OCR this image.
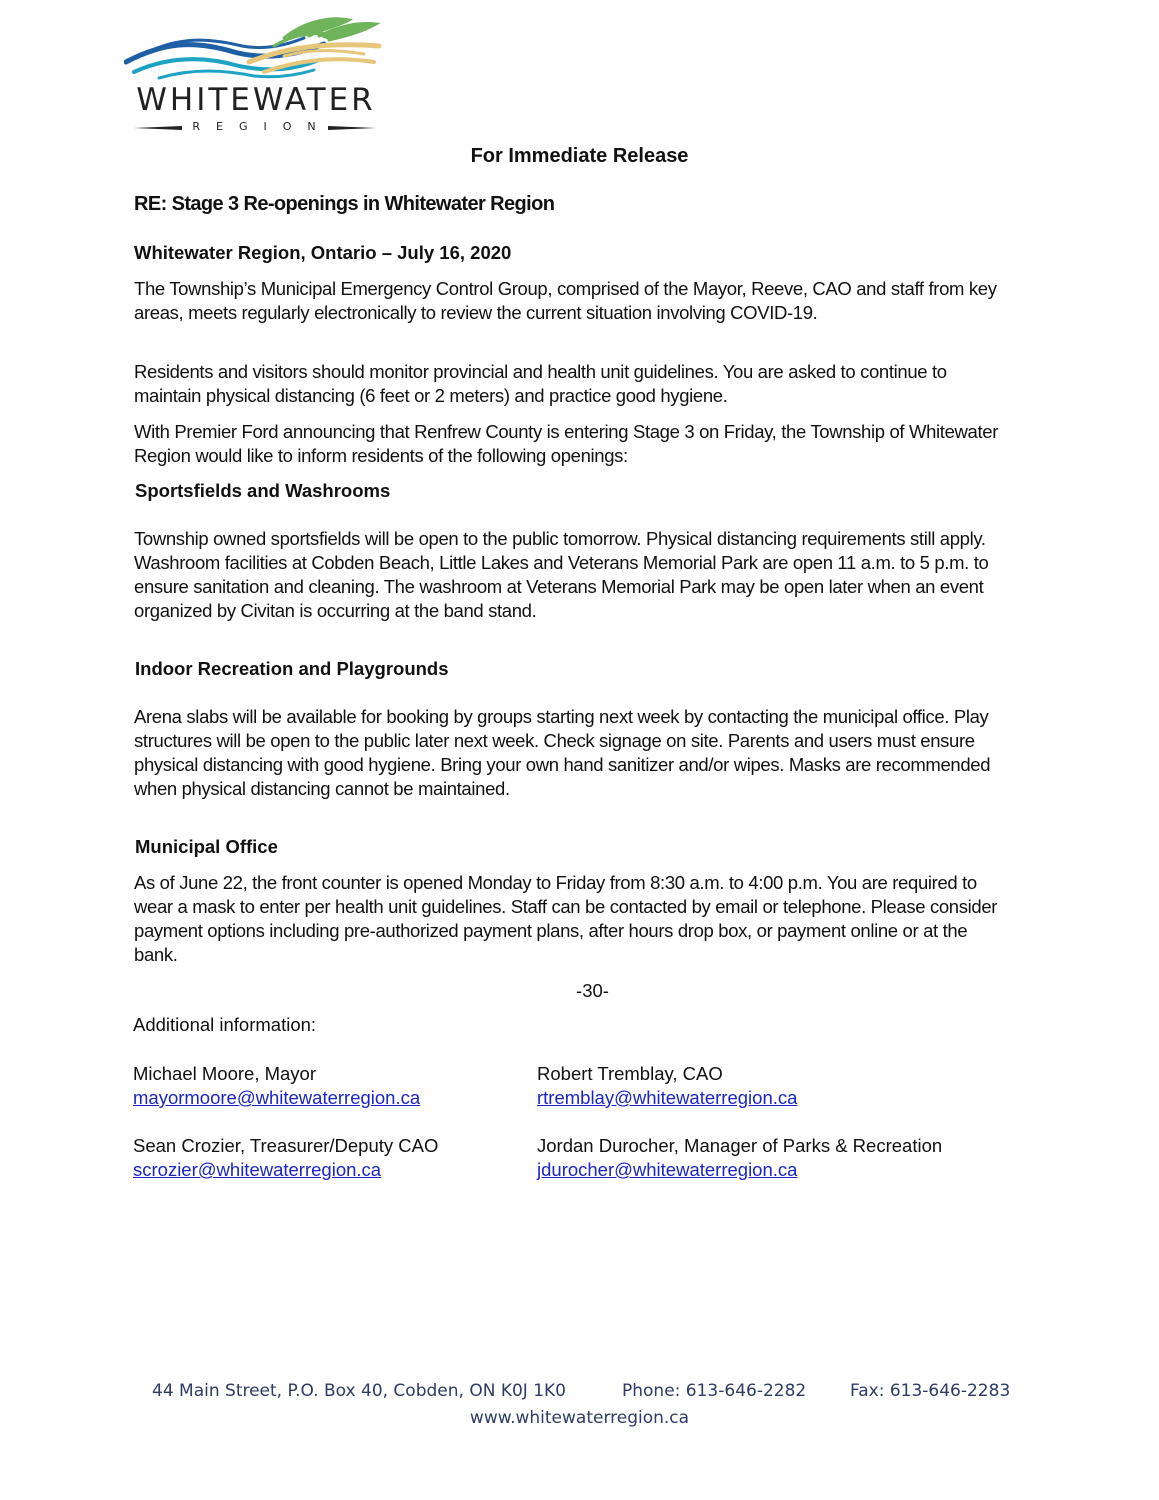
WHITEWATER
REGION
For Immediate Release
RE: Stage 3 Re-openings in Whitewater Region
Whitewater Region, Ontario – July 16, 2020
The Township’s Municipal Emergency Control Group, comprised of the Mayor, Reeve, CAO and staff from key areas, meets regularly electronically to review the current situation involving COVID-19.
Residents and visitors should monitor provincial and health unit guidelines. You are asked to continue to maintain physical distancing (6 feet or 2 meters) and practice good hygiene.
With Premier Ford announcing that Renfrew County is entering Stage 3 on Friday, the Township of Whitewater Region would like to inform residents of the following openings:
Sportsfields and Washrooms
Township owned sportsfields will be open to the public tomorrow. Physical distancing requirements still apply. Washroom facilities at Cobden Beach, Little Lakes and Veterans Memorial Park are open 11 a.m. to 5 p.m. to ensure sanitation and cleaning. The washroom at Veterans Memorial Park may be open later when an event organized by Civitan is occurring at the band stand.
Indoor Recreation and Playgrounds
Arena slabs will be available for booking by groups starting next week by contacting the municipal office. Play structures will be open to the public later next week. Check signage on site. Parents and users must ensure physical distancing with good hygiene. Bring your own hand sanitizer and/or wipes. Masks are recommended when physical distancing cannot be maintained.
Municipal Office
As of June 22, the front counter is opened Monday to Friday from 8:30 a.m. to 4:00 p.m. You are required to wear a mask to enter per health unit guidelines. Staff can be contacted by email or telephone. Please consider payment options including pre-authorized payment plans, after hours drop box, or payment online or at the bank.
-30-
Additional information:
Michael Moore, Mayor
mayormoore@whitewaterregion.ca
Robert Tremblay, CAO
rtremblay@whitewaterregion.ca
Sean Crozier, Treasurer/Deputy CAO
scrozier@whitewaterregion.ca
Jordan Durocher, Manager of Parks & Recreation
jdurocher@whitewaterregion.ca
44 Main Street, P.O. Box 40, Cobden, ON K0J 1K0	Phone: 613-646-2282	Fax: 613-646-2283
www.whitewaterregion.ca
